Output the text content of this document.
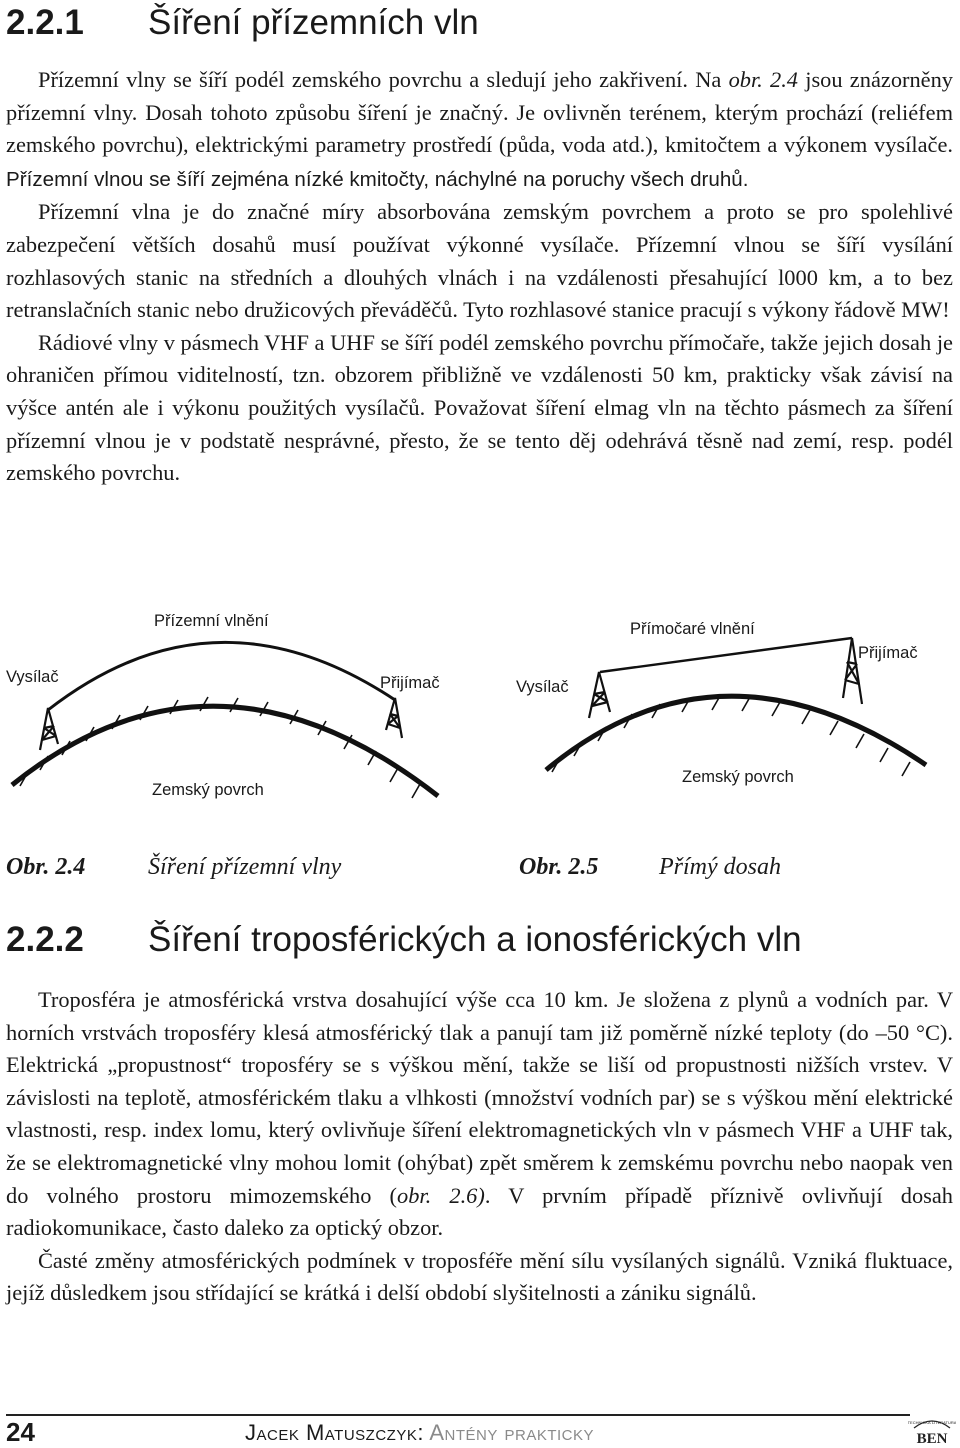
2.2.1 Šíření přízemních vln

Přízemní vlny se šíří podél zemského povrchu a sledují jeho zakřivení. Na obr. 2.4 jsou znázorněny přízemní vlny. Dosah tohoto způsobu šíření je značný. Je ovlivněn terénem, kterým prochází (reliéfem zemského povrchu), elektrickými parametry prostředí (půda, voda atd.), kmitočtem a výkonem vysílače. Přízemní vlnou se šíří zejména nízké kmitočty, náchylné na poruchy všech druhů.

Přízemní vlna je do značné míry absorbována zemským povrchem a proto se pro spolehlivé zabezpečení větších dosahů musí používat výkonné vysílače. Přízemní vlnou se šíří vysílání rozhlasových stanic na středních a dlouhých vlnách i na vzdálenosti přesahující l000 km, a to bez retranslačních stanic nebo družicových převáděčů. Tyto rozhlasové stanice pracují s výkony řádově MW!

Rádiové vlny v pásmech VHF a UHF se šíří podél zemského povrchu přímočaře, takže jejich dosah je ohraničen přímou viditelností, tzn. obzorem přibližně ve vzdálenosti 50 km, prakticky však závisí na výšce antén ale i výkonu použitých vysílačů. Považovat šíření elmag vln na těchto pásmech za šíření přízemní vlnou je v podstatě nesprávné, přesto, že se tento děj odehrává těsně nad zemí, resp. podél zemského povrchu.

Přízemní vlnění
Vysílač	Přijímač
Zemský povrch
Přímočaré vlnění
Vysílač
Přijímač
Zemský povrch
Obr. 2.4	Šíření přízemní vlny	Obr. 2.5	Přímý dosah
2.2.2 Šíření troposférických a ionosférických vln

Troposféra je atmosférická vrstva dosahující výše cca 10 km. Je složena z plynů a vodních par. V horních vrstvách troposféry klesá atmosférický tlak a panují tam již poměrně nízké teploty (do –50 °C). Elektrická „propustnost“ troposféry se s výškou mění, takže se liší od propustnosti nižších vrstev. V závislosti na teplotě, atmosférickém tlaku a vlhkosti (množství vodních par) se s výškou mění elektrické vlastnosti, resp. index lomu, který ovlivňuje šíření elektromagnetických vln v pásmech VHF a UHF tak, že se elektromagnetické vlny mohou lomit (ohýbat) zpět směrem k zemskému povrchu nebo naopak ven do volného prostoru mimozemského (obr. 2.6). V prvním případě příznivě ovlivňují dosah radiokomunikace, často daleko za optický obzor.

Časté změny atmosférických podmínek v troposféře mění sílu vysílaných signálů. Vzniká fluktuace, jejíž důsledkem jsou střídající se krátká i delší období slyšitelnosti a zániku signálů.

24	Jacek Matuszczyk: Antény prakticky	TECHNICKÁ LITERATURA
BEN
